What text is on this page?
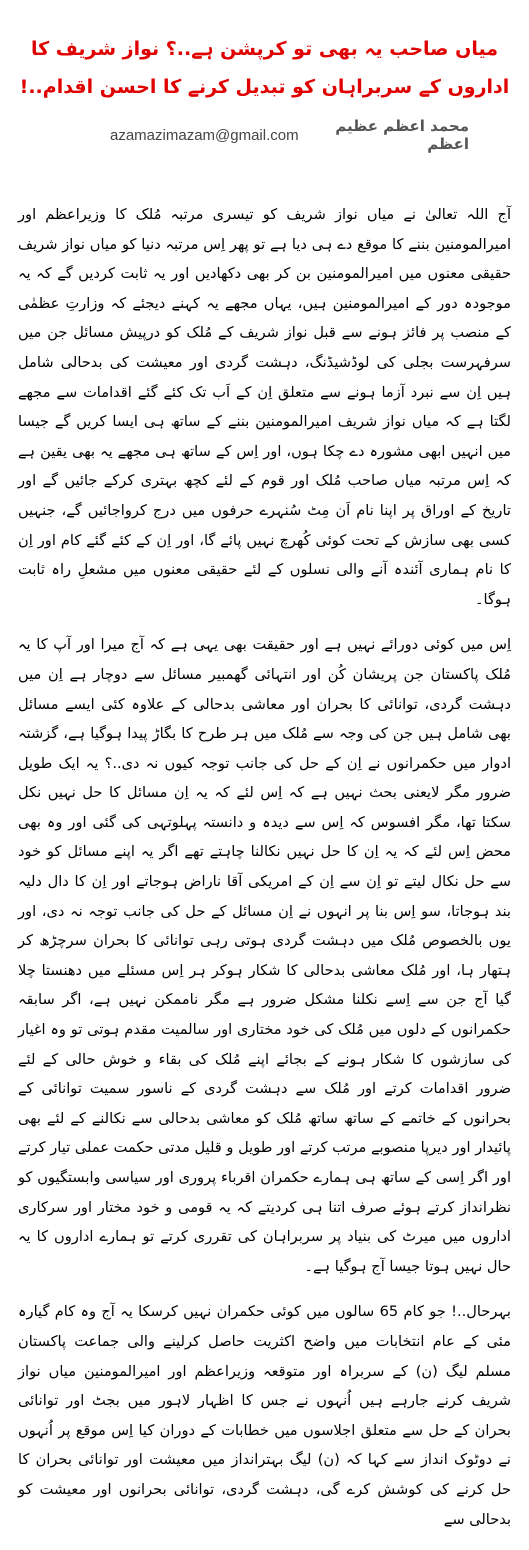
میاں صاحب یہ بھی تو کرپشن ہے..؟ نواز شریف کا اداروں کے سربراہان کو تبدیل کرنے کا احسن اقدام..!
azamazimazam@gmail.com	محمد اعظم عظیم اعظم

آج اللہ تعالیٰ نے میاں نواز شریف کو تیسری مرتبہ مُلک کا وزیراعظم اور امیرالمومنین بننے کا موقع دے ہی دیا ہے تو پھر اِس مرتبہ دنیا کو میاں نواز شریف حقیقی معنوں میں امیرالمومنین بن کر بھی دکھادیں اور یہ ثابت کردیں گے کہ یہ موجودہ دور کے امیرالمومنین ہیں، یہاں مجھے یہ کہنے دیجئے کہ وزارتِ عظمٰی کے منصب پر فائز ہونے سے قبل نواز شریف کے مُلک کو درپیش مسائل جن میں سرفہرست بجلی کی لوڈشیڈنگ، دہشت گردی اور معیشت کی بدحالی شامل ہیں اِن سے نبرد آزما ہونے سے متعلق اِن کے اَب تک کئے گئے اقدامات سے مجھے لگتا ہے کہ میاں نواز شریف امیرالمومنین بننے کے ساتھ ہی ایسا کریں گے جیسا میں انہیں ابھی مشورہ دے چکا ہوں، اور اِس کے ساتھ ہی مجھے یہ بھی یقین ہے کہ اِس مرتبہ میاں صاحب مُلک اور قوم کے لئے کچھ بہتری کرکے جائیں گے اور تاریخ کے اوراق پر اپنا نام اَن مِٹ سُنہرے حرفوں میں درج کرواجائیں گے، جنہیں کسی بھی سازش کے تحت کوئی کُھرچ نہیں پائے گا، اور اِن کے کئے گئے کام اور اِن کا نام ہماری آئندہ آنے والی نسلوں کے لئے حقیقی معنوں میں مشعلِ راہ ثابت ہوگا۔

اِس میں کوئی دورائے نہیں ہے اور حقیقت بھی یہی ہے کہ آج میرا اور آپ کا یہ مُلک پاکستان جن پریشان کُن اور انتہائی گھمبیر مسائل سے دوچار ہے اِن میں دہشت گردی، توانائی کا بحران اور معاشی بدحالی کے علاوہ کئی ایسے مسائل بھی شامل ہیں جن کی وجہ سے مُلک میں ہر طرح کا بگاڑ پیدا ہوگیا ہے، گزشتہ ادوار میں حکمرانوں نے اِن کے حل کی جانب توجہ کیوں نہ دی..؟ یہ ایک طویل ضرور مگر لایعنی بحث نہیں ہے کہ اِس لئے کہ یہ اِن مسائل کا حل نہیں نکل سکتا تھا، مگر افسوس کہ اِس سے دیدہ و دانستہ پہلوتہی کی گئی اور وہ بھی محض اِس لئے کہ یہ اِن کا حل نہیں نکالنا چاہتے تھے اگر یہ اپنے مسائل کو خود سے حل نکال لیتے تو اِن سے اِن کے امریکی آقا ناراض ہوجاتے اور اِن کا دال دلیہ بند ہوجاتا، سو اِس بنا پر انہوں نے اِن مسائل کے حل کی جانب توجہ نہ دی، اور یوں بالخصوص مُلک میں دہشت گردی ہوتی رہی توانائی کا بحران سرچڑھ کر ہتھار ہا، اور مُلک معاشی بدحالی کا شکار ہوکر ہر اِس مسئلے میں دھنستا چلا گیا آج جن سے اِسے نکلنا مشکل ضرور ہے مگر ناممکن نہیں ہے، اگر سابقہ حکمرانوں کے دلوں میں مُلک کی خود مختاری اور سالمیت مقدم ہوتی تو وہ اغیار کی سازشوں کا شکار ہونے کے بجائے اپنے مُلک کی بقاء و خوش حالی کے لئے ضرور اقدامات کرتے اور مُلک سے دہشت گردی کے ناسور سمیت توانائی کے بحرانوں کے خاتمے کے ساتھ ساتھ مُلک کو معاشی بدحالی سے نکالنے کے لئے بھی پائیدار اور دیرپا منصوبے مرتب کرتے اور طویل و قلیل مدتی حکمت عملی تیار کرتے اور اگر اِسی کے ساتھ ہی ہمارے حکمران اقرباء پروری اور سیاسی وابستگیوں کو نظرانداز کرتے ہوئے صرف اتنا ہی کردیتے کہ یہ قومی و خود مختار اور سرکاری اداروں میں میرٹ کی بنیاد پر سربراہان کی تقرری کرتے تو ہمارے اداروں کا یہ حال نہیں ہوتا جیسا آج ہوگیا ہے۔

بہرحال..! جو کام 65 سالوں میں کوئی حکمران نہیں کرسکا یہ آج وہ کام گیارہ مئی کے عام انتخابات میں واضح اکثریت حاصل کرلینے والی جماعت پاکستان مسلم لیگ (ن) کے سربراہ اور متوقعہ وزیراعظم اور امیرالمومنین میاں نواز شریف کرنے جارہے ہیں اُنہوں نے جس کا اظہار لاہور میں بجٹ اور توانائی بحران کے حل سے متعلق اجلاسوں میں خطابات کے دوران کیا اِس موقع پر اُنہوں نے دوٹوک انداز سے کہا کہ (ن) لیگ بہترانداز میں معیشت اور توانائی بحران کا حل کرنے کی کوشش کرے گی، دہشت گردی، توانائی بحرانوں اور معیشت کو بدحالی سے
